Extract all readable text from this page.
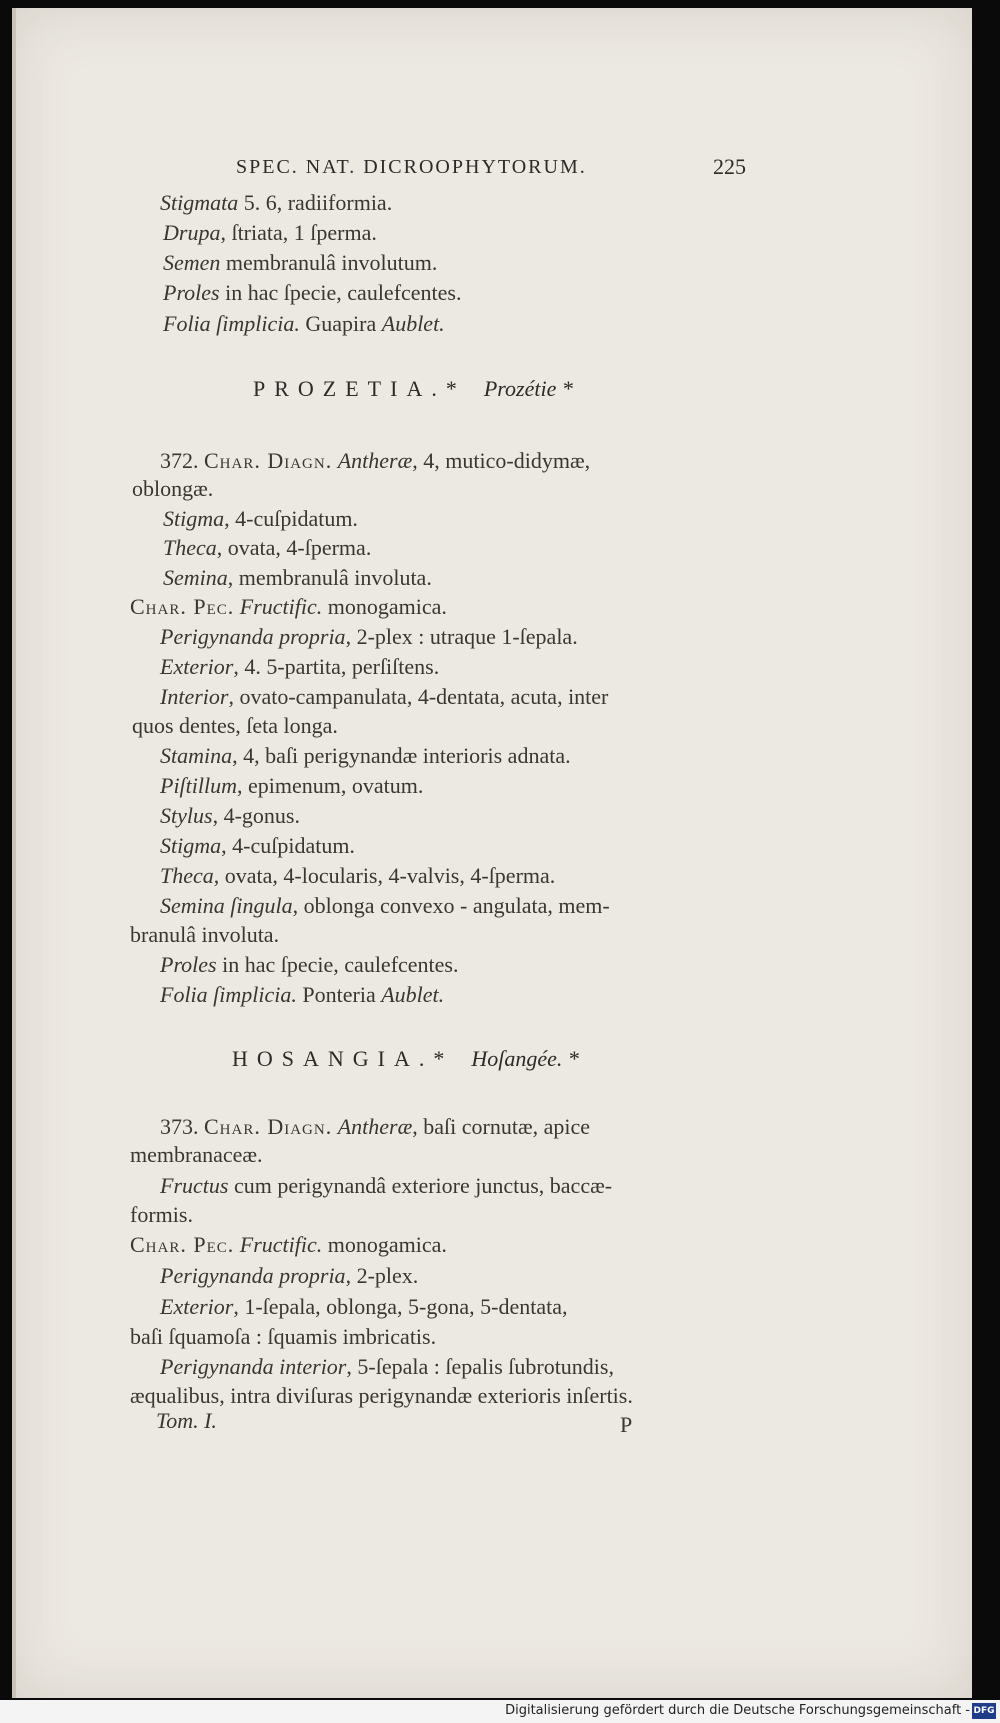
SPEC. NAT. DICROOPHYTORUM.	225
Stigmata 5. 6, radiiformia.
Drupa, ſtriata, 1 ſperma.
Semen membranulâ involutum.
Proles in hac ſpecie, caulefcentes.
Folia ſimplicia. Guapira Aublet.
PROZETIA.* Prozétie *
372. Char. Diagn. Antheræ, 4, mutico-didymæ,
oblongæ.
Stigma, 4-cuſpidatum.
Theca, ovata, 4-ſperma.
Semina, membranulâ involuta.
Char. Pec. Fructific. monogamica.
Perigynanda propria, 2-plex : utraque 1-ſepala.
Exterior, 4. 5-partita, perſiſtens.
Interior, ovato-campanulata, 4-dentata, acuta, inter
quos dentes, ſeta longa.
Stamina, 4, baſi perigynandæ interioris adnata.
Piſtillum, epimenum, ovatum.
Stylus, 4-gonus.
Stigma, 4-cuſpidatum.
Theca, ovata, 4-locularis, 4-valvis, 4-ſperma.
Semina ſingula, oblonga convexo - angulata, mem-
branulâ involuta.
Proles in hac ſpecie, caulefcentes.
Folia ſimplicia. Ponteria Aublet.
HOSANGIA.* Hoſangée. *
373. Char. Diagn. Antheræ, baſi cornutæ, apice
membranaceæ.
Fructus cum perigynandâ exteriore junctus, baccæ-
formis.
Char. Pec. Fructific. monogamica.
Perigynanda propria, 2-plex.
Exterior, 1-ſepala, oblonga, 5-gona, 5-dentata,
baſi ſquamoſa : ſquamis imbricatis.
Perigynanda interior, 5-ſepala : ſepalis ſubrotundis,
æqualibus, intra diviſuras perigynandæ exterioris inſertis.
Tom. I.	P
Digitalisierung gefördert durch die Deutsche Forschungsgemeinschaft - DFG
